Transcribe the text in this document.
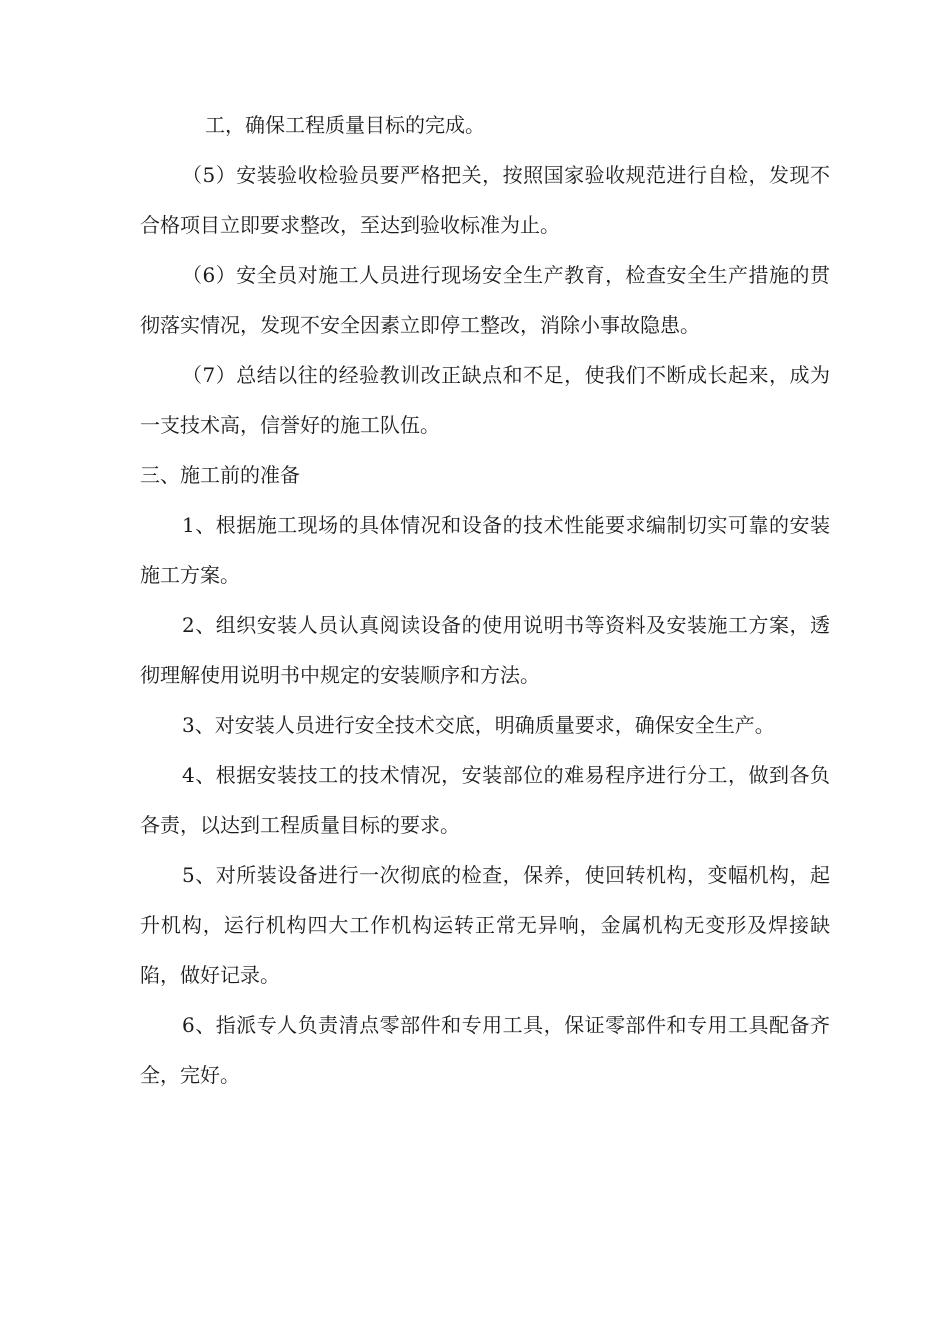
工，确保工程质量目标的完成。

（5）安装验收检验员要严格把关，按照国家验收规范进行自检，发现不合格项目立即要求整改，至达到验收标准为止。

（6）安全员对施工人员进行现场安全生产教育，检查安全生产措施的贯彻落实情况，发现不安全因素立即停工整改，消除小事故隐患。

（7）总结以往的经验教训改正缺点和不足，使我们不断成长起来，成为一支技术高，信誉好的施工队伍。

三、施工前的准备

1、根据施工现场的具体情况和设备的技术性能要求编制切实可靠的安装施工方案。

2、组织安装人员认真阅读设备的使用说明书等资料及安装施工方案，透彻理解使用说明书中规定的安装顺序和方法。

3、对安装人员进行安全技术交底，明确质量要求，确保安全生产。

4、根据安装技工的技术情况，安装部位的难易程序进行分工，做到各负各责，以达到工程质量目标的要求。

5、对所装设备进行一次彻底的检查，保养，使回转机构，变幅机构，起升机构，运行机构四大工作机构运转正常无异响，金属机构无变形及焊接缺陷，做好记录。

6、指派专人负责清点零部件和专用工具，保证零部件和专用工具配备齐全，完好。
